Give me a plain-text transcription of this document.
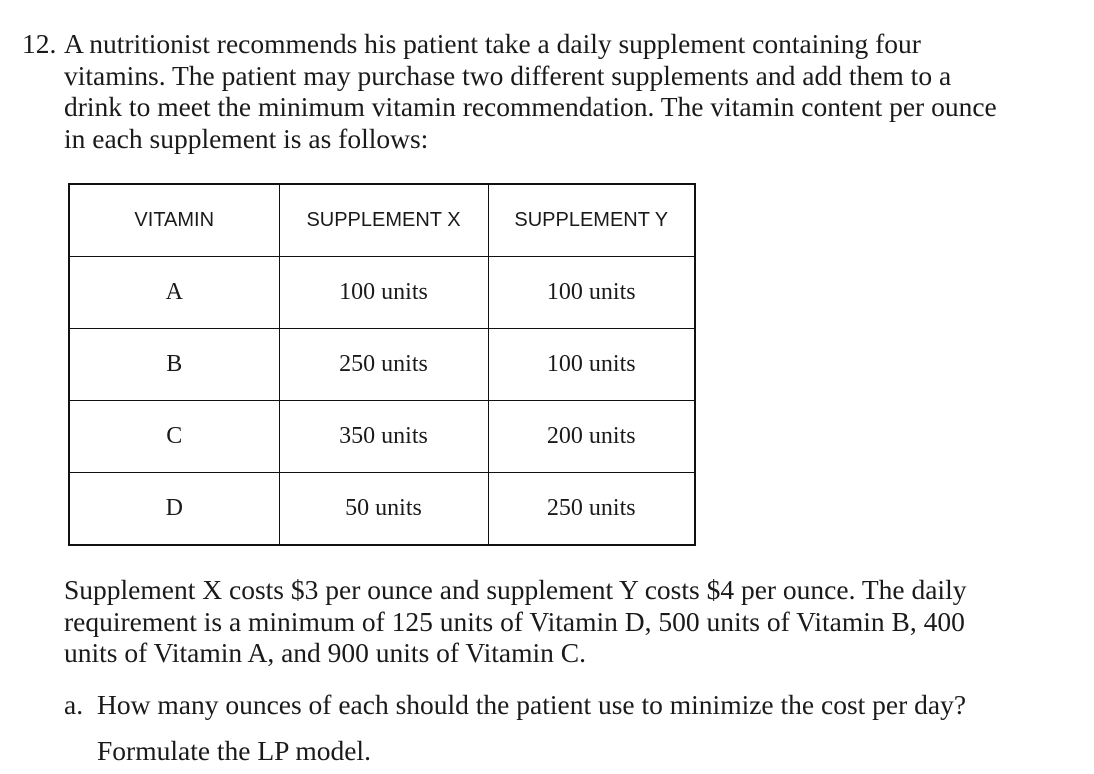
12. A nutritionist recommends his patient take a daily supplement containing four vitamins. The patient may purchase two different supplements and add them to a drink to meet the minimum vitamin recommendation. The vitamin content per ounce in each supplement is as follows:
VITAMIN	SUPPLEMENT X	SUPPLEMENT Y
A	100 units	100 units
B	250 units	100 units
C	350 units	200 units
D	50 units	250 units
Supplement X costs $3 per ounce and supplement Y costs $4 per ounce. The daily requirement is a minimum of 125 units of Vitamin D, 500 units of Vitamin B, 400 units of Vitamin A, and 900 units of Vitamin C.
a. How many ounces of each should the patient use to minimize the cost per day?
Formulate the LP model.
